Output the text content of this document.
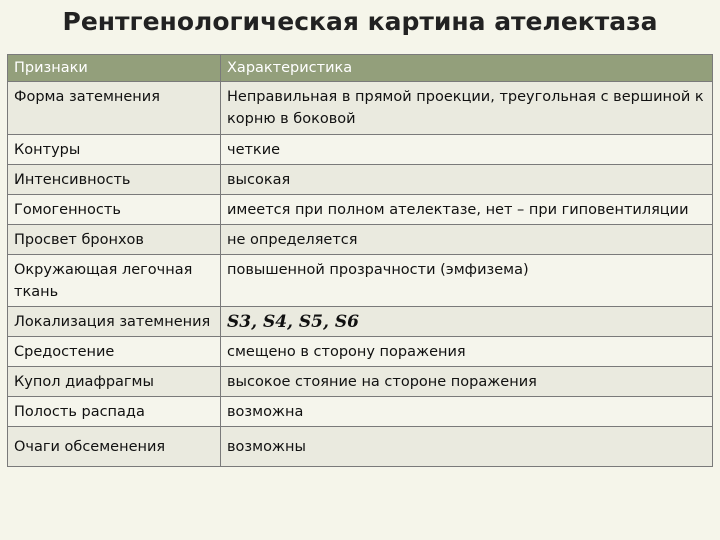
Рентгенологическая картина ателектаза
Признаки	Характеристика
Форма затемнения	Неправильная в прямой проекции, треугольная с вершиной к корню в боковой
Контуры	четкие
Интенсивность	высокая
Гомогенность	имеется при полном ателектазе, нет – при гиповентиляции
Просвет бронхов	не определяется
Окружающая легочная ткань	повышенной прозрачности (эмфизема)
Локализация затемнения	S3, S4, S5, S6
Средостение	смещено в сторону поражения
Купол диафрагмы	высокое стояние на стороне поражения
Полость распада	возможна
Очаги обсеменения	возможны
